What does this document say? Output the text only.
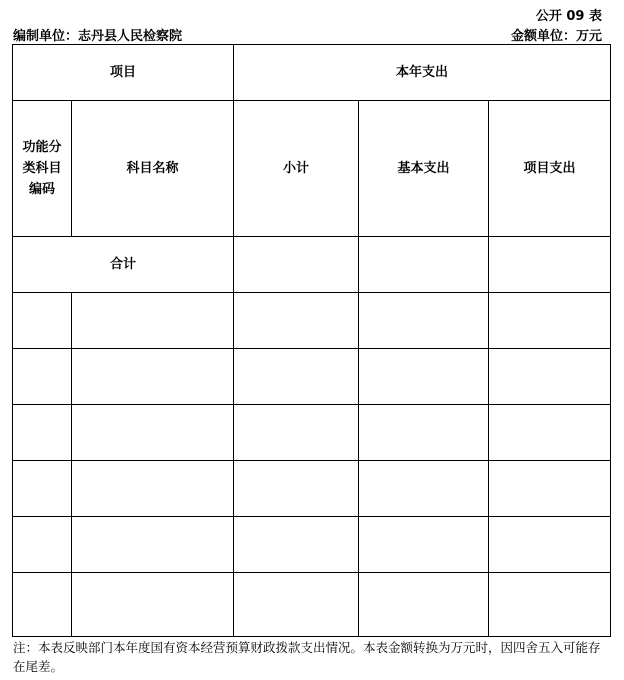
公开 09 表
编制单位：志丹县人民检察院	金额单位：万元
项目		本年支出		
功能分类科目编码	科目名称	小计	基本支出	项目支出
合计				

注：本表反映部门本年度国有资本经营预算财政拨款支出情况。本表金额转换为万元时，因四舍五入可能存在尾差。
